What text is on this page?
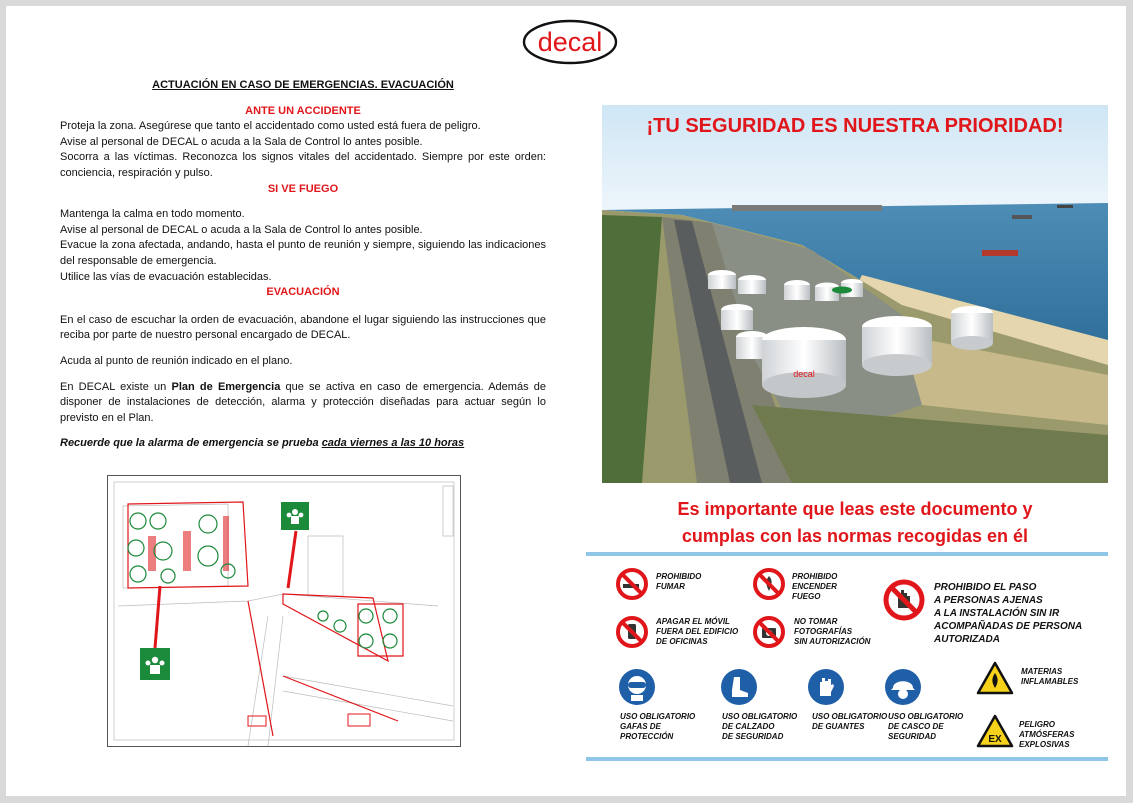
decal

ACTUACIÓN EN CASO DE EMERGENCIAS. EVACUACIÓN

ANTE UN ACCIDENTE

Proteja la zona. Asegúrese que tanto el accidentado como usted está fuera de peligro.

Avise al personal de DECAL o acuda a la Sala de Control lo antes posible.

Socorra a las víctimas. Reconozca los signos vitales del accidentado. Siempre por este orden: conciencia, respiración y pulso.

SI VE FUEGO

Mantenga la calma en todo momento.

Avise al personal de DECAL o acuda a la Sala de Control lo antes posible.

Evacue la zona afectada, andando, hasta el punto de reunión y siempre, siguiendo las indicaciones del responsable de emergencia.

Utilice las vías de evacuación establecidas.

EVACUACIÓN

En el caso de escuchar la orden de evacuación, abandone el lugar siguiendo las instrucciones que reciba por parte de nuestro personal encargado de DECAL.

Acuda al punto de reunión indicado en el plano.

En DECAL existe un Plan de Emergencia que se activa en caso de emergencia. Además de disponer de instalaciones de detección, alarma y protección diseñadas para actuar según lo previsto en el Plan.

Recuerde que la alarma de emergencia se prueba cada viernes a las 10 horas

decal
¡TU SEGURIDAD ES NUESTRA PRIORIDAD!
Es importante que leas este documento y
cumplas con las normas recogidas en él
PROHIBIDO
FUMAR
PROHIBIDO
ENCENDER
FUEGO
PROHIBIDO EL PASO
A PERSONAS AJENAS
A LA INSTALACIÓN SIN IR
ACOMPAÑADAS DE PERSONA
AUTORIZADA
APAGAR EL MÓVIL
FUERA DEL EDIFICIO
DE OFICINAS
NO TOMAR
FOTOGRAFÍAS
SIN AUTORIZACIÓN
USO OBLIGATORIO
GAFAS DE
PROTECCIÓN
USO OBLIGATORIO
DE CALZADO
DE SEGURIDAD
USO OBLIGATORIO
DE GUANTES
USO OBLIGATORIO
DE CASCO DE
SEGURIDAD
MATERIAS
INFLAMABLES
EX
PELIGRO
ATMÓSFERAS
EXPLOSIVAS
